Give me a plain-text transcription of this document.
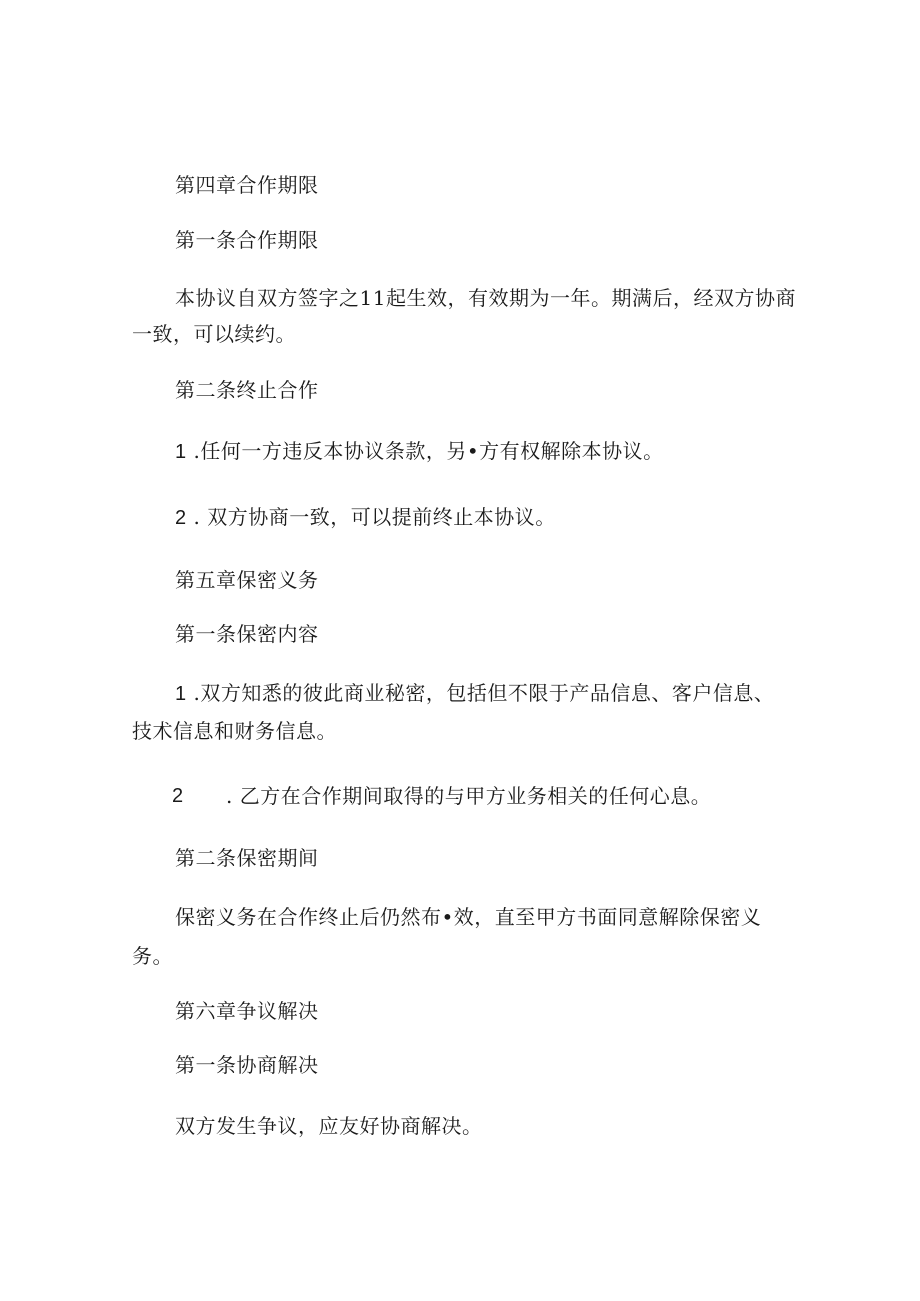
第四章合作期限
第一条合作期限
本协议自双方签字之11起生效，有效期为一年。期满后，经双方协商
一致，可以续约。
第二条终止合作
1 .任何一方违反本协议条款，另•方有权解除本协议。
2 . 双方协商一致，可以提前终止本协议。
第五章保密义务
第一条保密内容
1 .双方知悉的彼此商业秘密，包括但不限于产品信息、客户信息、
技术信息和财务信息。
2 . 乙方在合作期间取得的与甲方业务相关的任何心息。
第二条保密期间
保密义务在合作终止后仍然布•效，直至甲方书面同意解除保密义
务。
第六章争议解决
第一条协商解决
双方发生争议，应友好协商解决。
